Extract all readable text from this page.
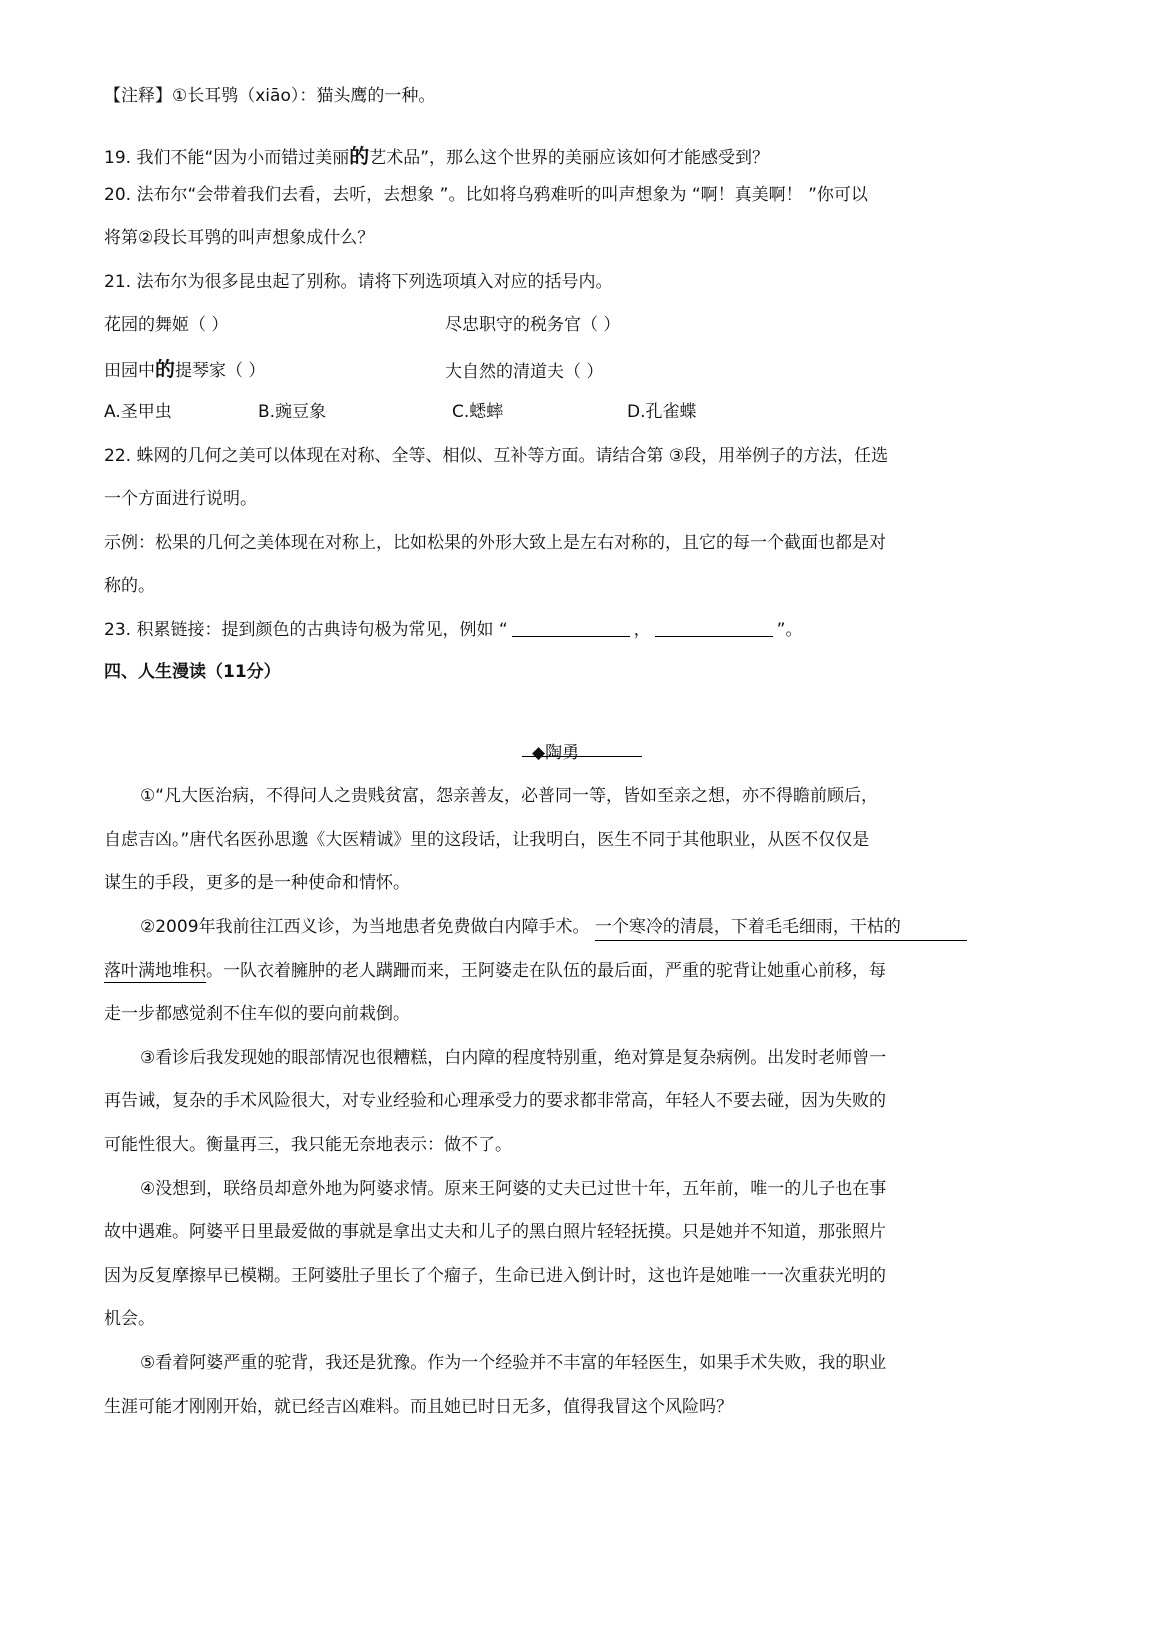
【注释】①长耳鸮（xiāo）：猫头鹰的一种。
19. 我们不能“因为小而错过美丽的艺术品”，那么这个世界的美丽应该如何才能感受到？
20. 法布尔“会带着我们去看，去听，去想象 ”。比如将乌鸦难听的叫声想象为 “啊！真美啊！ ”你可以
将第②段长耳鸮的叫声想象成什么？
21. 法布尔为很多昆虫起了别称。请将下列选项填入对应的括号内。
花园的舞姬（ ）	尽忠职守的税务官（ ）
田园中的提琴家（ ）	大自然的清道夫（ ）
A.圣甲虫	B.豌豆象	C.蟋蟀	D.孔雀蝶
22. 蛛网的几何之美可以体现在对称、全等、相似、互补等方面。请结合第 ③段，用举例子的方法，任选
一个方面进行说明。
示例：松果的几何之美体现在对称上，比如松果的外形大致上是左右对称的，且它的每一个截面也都是对
称的。
23. 积累链接：提到颜色的古典诗句极为常见，例如 “	，	”。
四、人生漫读（11分）
◆陶勇
①“凡大医治病，不得问人之贵贱贫富，怨亲善友，必普同一等，皆如至亲之想，亦不得瞻前顾后，
自虑吉凶。”唐代名医孙思邈《大医精诚》里的这段话，让我明白，医生不同于其他职业，从医不仅仅是
谋生的手段，更多的是一种使命和情怀。
②2009年我前往江西义诊，为当地患者免费做白内障手术。 一个寒冷的清晨，下着毛毛细雨，干枯的
落叶满地堆积。一队衣着臃肿的老人蹒跚而来，王阿婆走在队伍的最后面，严重的驼背让她重心前移，每
走一步都感觉刹不住车似的要向前栽倒。
③看诊后我发现她的眼部情况也很糟糕，白内障的程度特别重，绝对算是复杂病例。出发时老师曾一
再告诫，复杂的手术风险很大，对专业经验和心理承受力的要求都非常高，年轻人不要去碰，因为失败的
可能性很大。衡量再三，我只能无奈地表示：做不了。
④没想到，联络员却意外地为阿婆求情。原来王阿婆的丈夫已过世十年，五年前，唯一的儿子也在事
故中遇难。阿婆平日里最爱做的事就是拿出丈夫和儿子的黑白照片轻轻抚摸。只是她并不知道，那张照片
因为反复摩擦早已模糊。王阿婆肚子里长了个瘤子，生命已进入倒计时，这也许是她唯一一次重获光明的
机会。
⑤看着阿婆严重的驼背，我还是犹豫。作为一个经验并不丰富的年轻医生，如果手术失败，我的职业
生涯可能才刚刚开始，就已经吉凶难料。而且她已时日无多，值得我冒这个风险吗？
